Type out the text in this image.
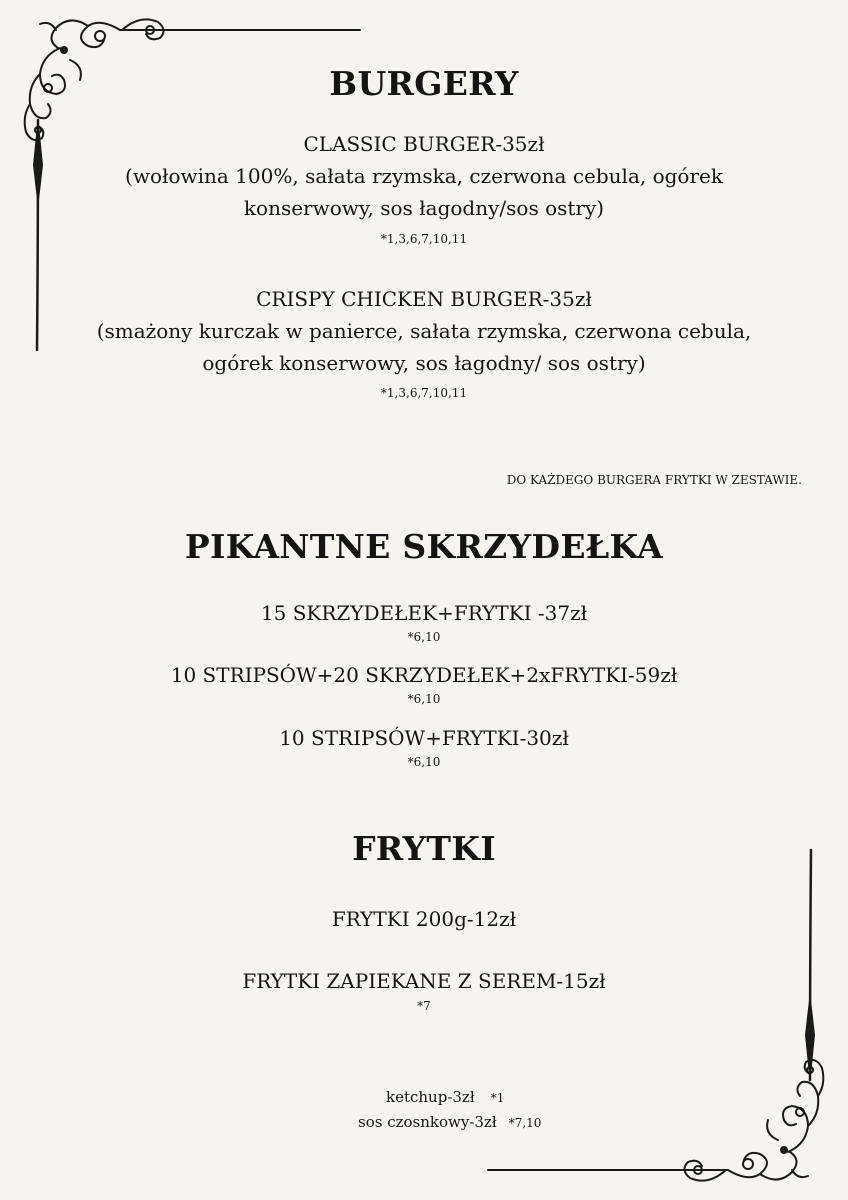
BURGERY
CLASSIC BURGER-35zł
(wołowina 100%, sałata rzymska, czerwona cebula, ogórek
konserwowy, sos łagodny/sos ostry)
*1,3,6,7,10,11
CRISPY CHICKEN BURGER-35zł
(smażony kurczak w panierce, sałata rzymska, czerwona cebula,
ogórek konserwowy, sos łagodny/ sos ostry)
*1,3,6,7,10,11
DO KAŻDEGO BURGERA FRYTKI W ZESTAWIE.
PIKANTNE SKRZYDEŁKA
15 SKRZYDEŁEK+FRYTKI -37zł
*6,10
10 STRIPSÓW+20 SKRZYDEŁEK+2xFRYTKI-59zł
*6,10
10 STRIPSÓW+FRYTKI-30zł
*6,10
FRYTKI
FRYTKI 200g-12zł
FRYTKI ZAPIEKANE Z SEREM-15zł
*7
ketchup-3zł *1
sos czosnkowy-3zł *7,10
